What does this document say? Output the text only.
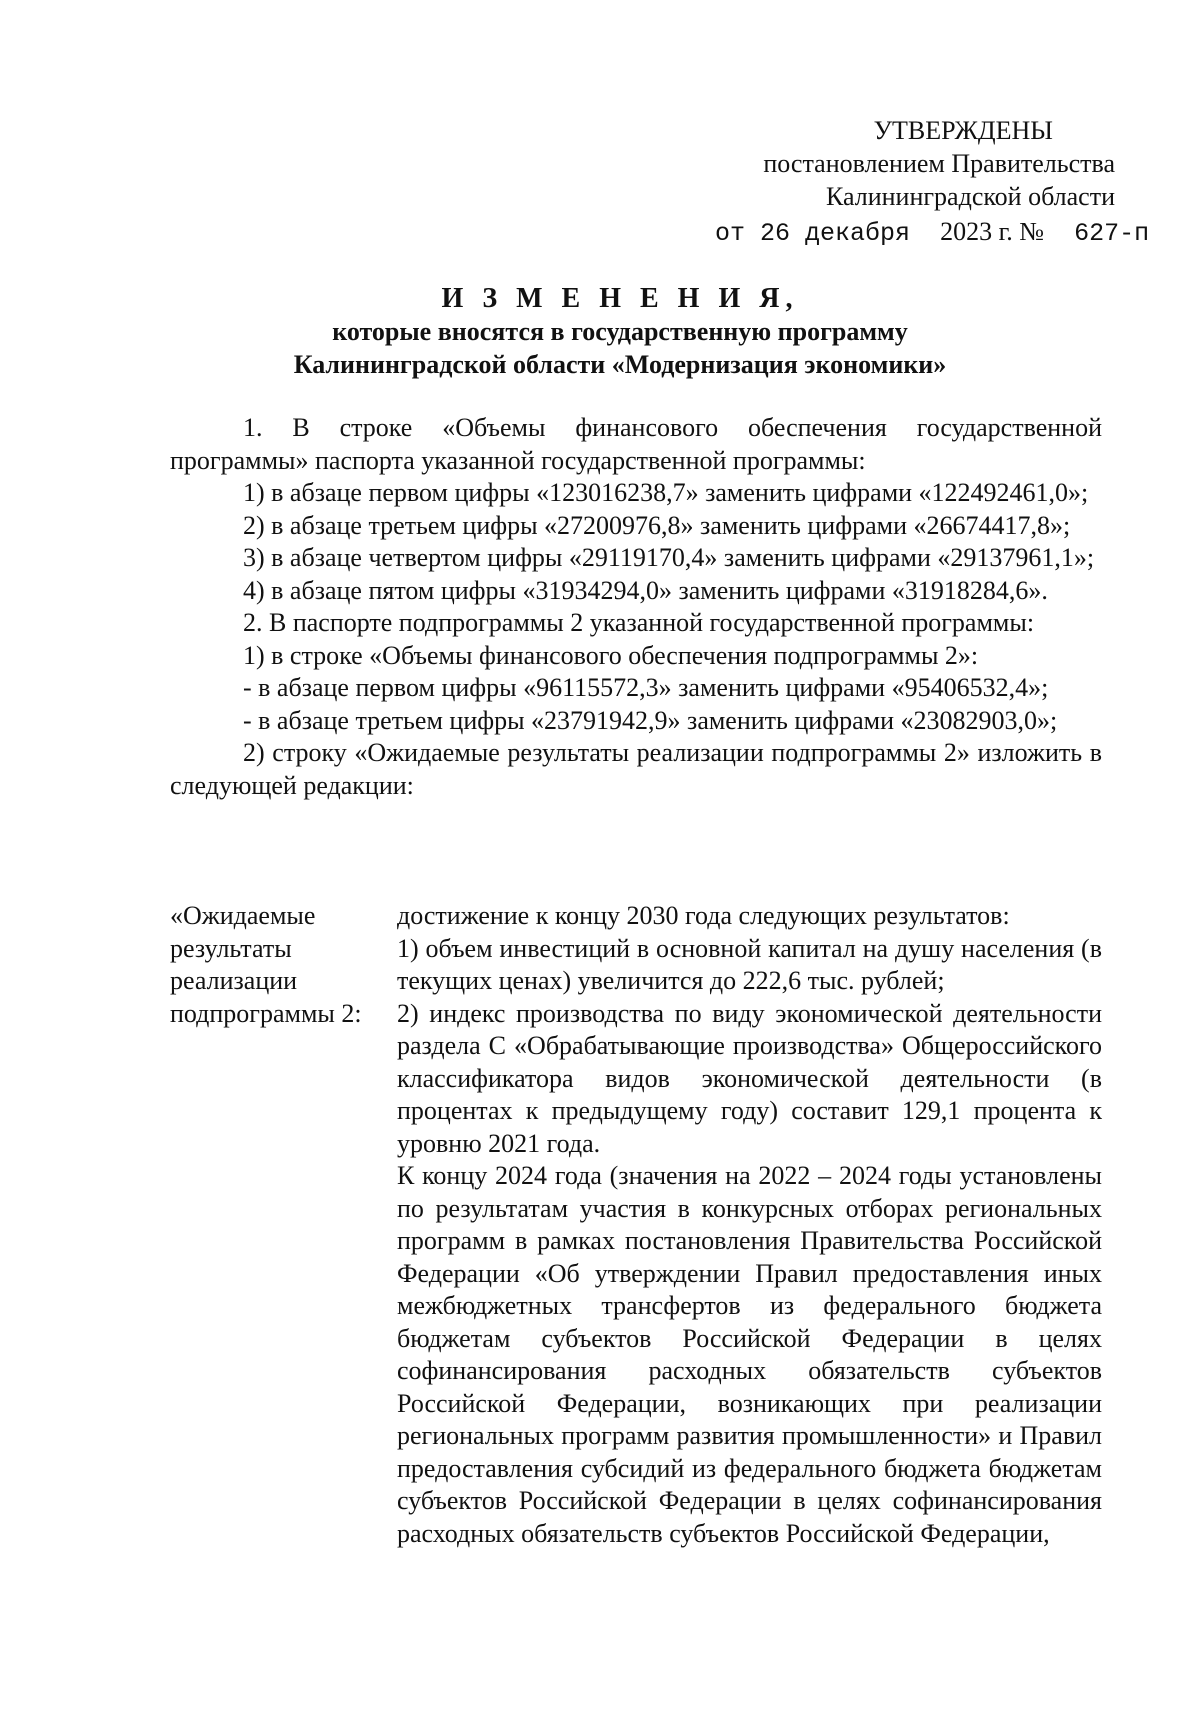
УТВЕРЖДЕНЫ
постановлением Правительства
Калининградской области
от 26 декабря 2023 г. № 627-п
И З М Е Н Е Н И Я,
которые вносятся в государственную программу
Калининградской области «Модернизация экономики»

1. В строке «Объемы финансового обеспечения государственной программы» паспорта указанной государственной программы:

1) в абзаце первом цифры «123016238,7» заменить цифрами «122492461,0»;

2) в абзаце третьем цифры «27200976,8» заменить цифрами «26674417,8»;

3) в абзаце четвертом цифры «29119170,4» заменить цифрами «29137961,1»;

4) в абзаце пятом цифры «31934294,0» заменить цифрами «31918284,6».

2. В паспорте подпрограммы 2 указанной государственной программы:

1) в строке «Объемы финансового обеспечения подпрограммы 2»:

- в абзаце первом цифры «96115572,3» заменить цифрами «95406532,4»;

- в абзаце третьем цифры «23791942,9» заменить цифрами «23082903,0»;

2) строку «Ожидаемые результаты реализации подпрограммы 2» изложить в следующей редакции:

«Ожидаемые
результаты
реализации
подпрограммы 2:

достижение к концу 2030 года следующих результатов:

1) объем инвестиций в основной капитал на душу населения (в текущих ценах) увеличится до 222,6 тыс. рублей;

2) индекс производства по виду экономической деятельности раздела С «Обрабатывающие производства» Общероссийского классификатора видов экономической деятельности (в процентах к предыдущему году) составит 129,1 процента к уровню 2021 года.

К концу 2024 года (значения на 2022 – 2024 годы установлены по результатам участия в конкурсных отборах региональных программ в рамках постановления Правительства Российской Федерации «Об утверждении Правил предоставления иных межбюджетных трансфертов из федерального бюджета бюджетам субъектов Российской Федерации в целях софинансирования расходных обязательств субъектов Российской Федерации, возникающих при реализации региональных программ развития промышленности» и Правил предоставления субсидий из федерального бюджета бюджетам субъектов Российской Федерации в целях софинансирования расходных обязательств субъектов Российской Федерации,
